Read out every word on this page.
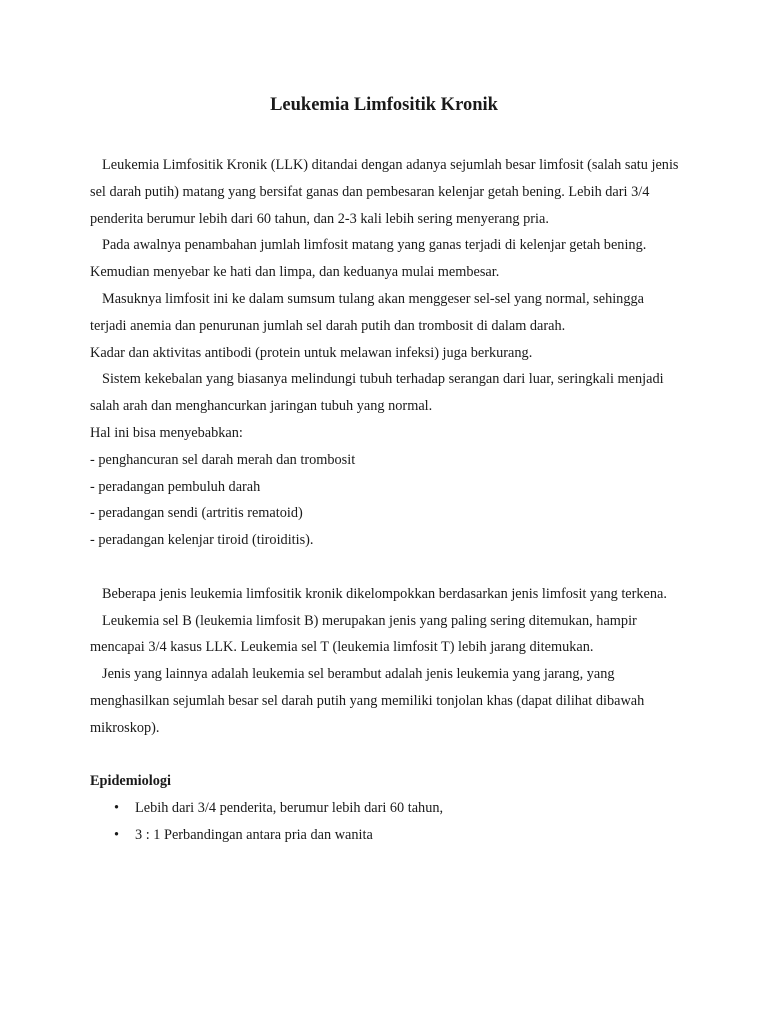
Leukemia Limfositik Kronik

Leukemia Limfositik Kronik (LLK) ditandai dengan adanya sejumlah besar limfosit (salah satu jenis sel darah putih) matang yang bersifat ganas dan pembesaran kelenjar getah bening. Lebih dari 3/4 penderita berumur lebih dari 60 tahun, dan 2-3 kali lebih sering menyerang pria.

Pada awalnya penambahan jumlah limfosit matang yang ganas terjadi di kelenjar getah bening. Kemudian menyebar ke hati dan limpa, dan keduanya mulai membesar.

Masuknya limfosit ini ke dalam sumsum tulang akan menggeser sel-sel yang normal, sehingga terjadi anemia dan penurunan jumlah sel darah putih dan trombosit di dalam darah.

Kadar dan aktivitas antibodi (protein untuk melawan infeksi) juga berkurang.

Sistem kekebalan yang biasanya melindungi tubuh terhadap serangan dari luar, seringkali menjadi salah arah dan menghancurkan jaringan tubuh yang normal.

Hal ini bisa menyebabkan:

- penghancuran sel darah merah dan trombosit

- peradangan pembuluh darah

- peradangan sendi (artritis rematoid)

- peradangan kelenjar tiroid (tiroiditis).

Beberapa jenis leukemia limfositik kronik dikelompokkan berdasarkan jenis limfosit yang terkena.

Leukemia sel B (leukemia limfosit B) merupakan jenis yang paling sering ditemukan, hampir mencapai 3/4 kasus LLK. Leukemia sel T (leukemia limfosit T) lebih jarang ditemukan.

Jenis yang lainnya adalah leukemia sel berambut adalah jenis leukemia yang jarang, yang menghasilkan sejumlah besar sel darah putih yang memiliki tonjolan khas (dapat dilihat dibawah mikroskop).

Epidemiologi

• Lebih dari 3/4 penderita, berumur lebih dari 60 tahun,
• 3 : 1 Perbandingan antara pria dan wanita
